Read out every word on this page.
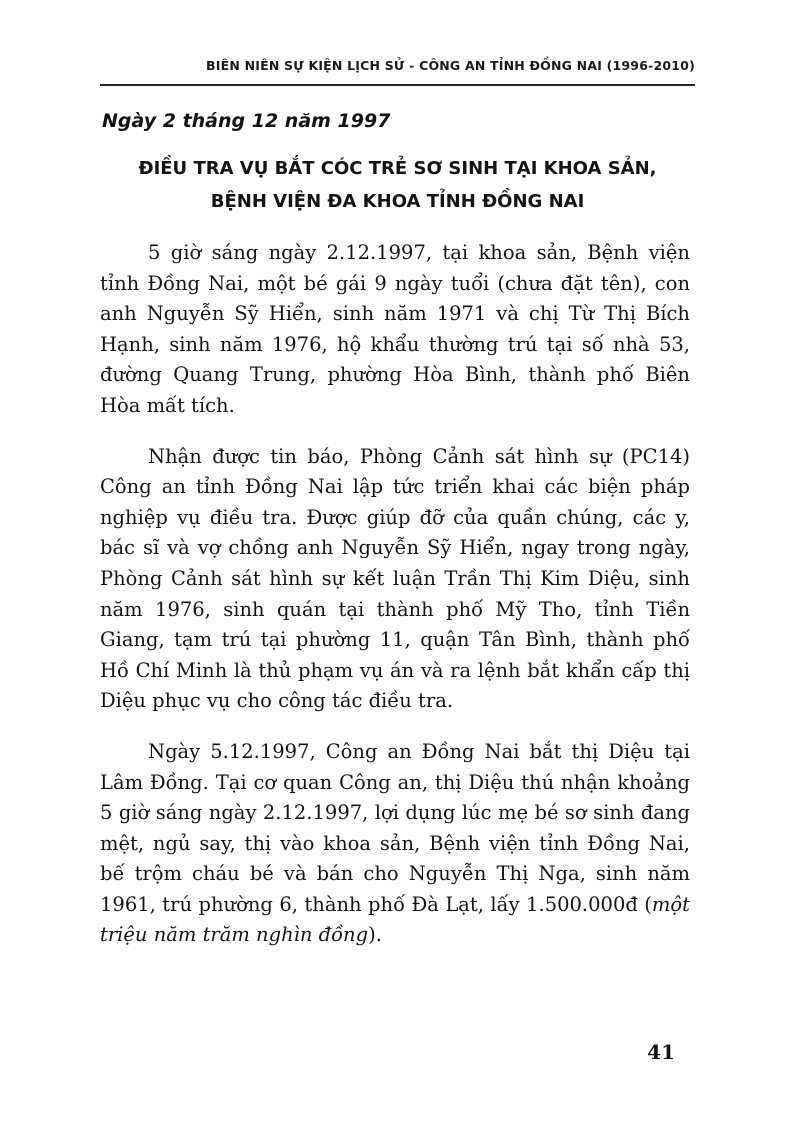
BIÊN NIÊN SỰ KIỆN LỊCH SỬ - CÔNG AN TỈNH ĐỒNG NAI (1996-2010)
Ngày 2 tháng 12 năm 1997
ĐIỀU TRA VỤ BẮT CÓC TRẺ SƠ SINH TẠI KHOA SẢN,
BỆNH VIỆN ĐA KHOA TỈNH ĐỒNG NAI

5 giờ sáng ngày 2.12.1997, tại khoa sản, Bệnh viện tỉnh Đồng Nai, một bé gái 9 ngày tuổi (chưa đặt tên), con anh Nguyễn Sỹ Hiển, sinh năm 1971 và chị Từ Thị Bích Hạnh, sinh năm 1976, hộ khẩu thường trú tại số nhà 53, đường Quang Trung, phường Hòa Bình, thành phố Biên Hòa mất tích.

Nhận được tin báo, Phòng Cảnh sát hình sự (PC14) Công an tỉnh Đồng Nai lập tức triển khai các biện pháp nghiệp vụ điều tra. Được giúp đỡ của quần chúng, các y, bác sĩ và vợ chồng anh Nguyễn Sỹ Hiển, ngay trong ngày, Phòng Cảnh sát hình sự kết luận Trần Thị Kim Diệu, sinh năm 1976, sinh quán tại thành phố Mỹ Tho, tỉnh Tiền Giang, tạm trú tại phường 11, quận Tân Bình, thành phố Hồ Chí Minh là thủ phạm vụ án và ra lệnh bắt khẩn cấp thị Diệu phục vụ cho công tác điều tra.

Ngày 5.12.1997, Công an Đồng Nai bắt thị Diệu tại Lâm Đồng. Tại cơ quan Công an, thị Diệu thú nhận khoảng 5 giờ sáng ngày 2.12.1997, lợi dụng lúc mẹ bé sơ sinh đang mệt, ngủ say, thị vào khoa sản, Bệnh viện tỉnh Đồng Nai, bế trộm cháu bé và bán cho Nguyễn Thị Nga, sinh năm 1961, trú phường 6, thành phố Đà Lạt, lấy 1.500.000đ (một triệu năm trăm nghìn đồng).

41
